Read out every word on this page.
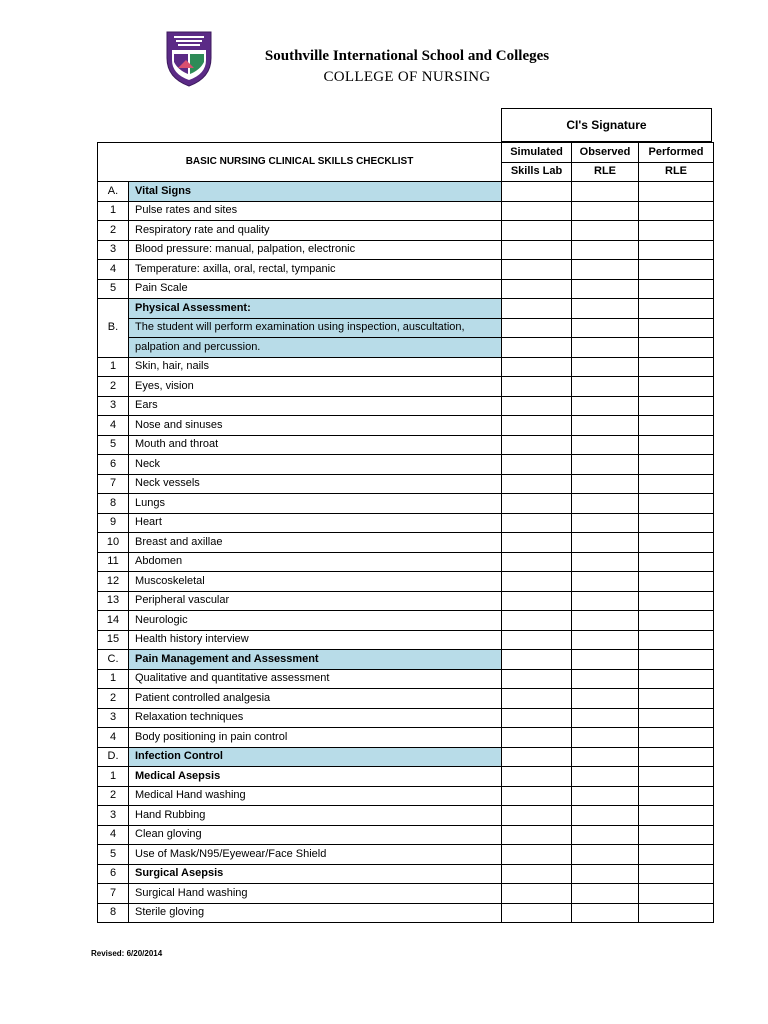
Southville International School and Colleges
COLLEGE OF NURSING
CI's Signature
BASIC NURSING CLINICAL SKILLS CHECKLIST		Simulated	Observed	Performed
		Skills Lab	RLE	RLE
A.	Vital Signs			
1	Pulse rates and sites			
2	Respiratory rate and quality			
3	Blood pressure: manual, palpation, electronic			
4	Temperature: axilla, oral, rectal, tympanic			
5	Pain Scale			
B.	Physical Assessment:			
	The student will perform examination using inspection, auscultation,			
	palpation and percussion.			
1	Skin, hair, nails			
2	Eyes, vision			
3	Ears			
4	Nose and sinuses			
5	Mouth and throat			
6	Neck			
7	Neck vessels			
8	Lungs			
9	Heart			
10	Breast and axillae			
11	Abdomen			
12	Muscoskeletal			
13	Peripheral vascular			
14	Neurologic			
15	Health history interview			
C.	Pain Management and Assessment			
1	Qualitative and quantitative assessment			
2	Patient controlled analgesia			
3	Relaxation techniques			
4	Body positioning in pain control			
D.	Infection Control			
1	Medical Asepsis			
2	Medical Hand washing			
3	Hand Rubbing			
4	Clean gloving			
5	Use of Mask/N95/Eyewear/Face Shield			
6	Surgical Asepsis			
7	Surgical Hand washing			
8	Sterile gloving			
Revised: 6/20/2014
